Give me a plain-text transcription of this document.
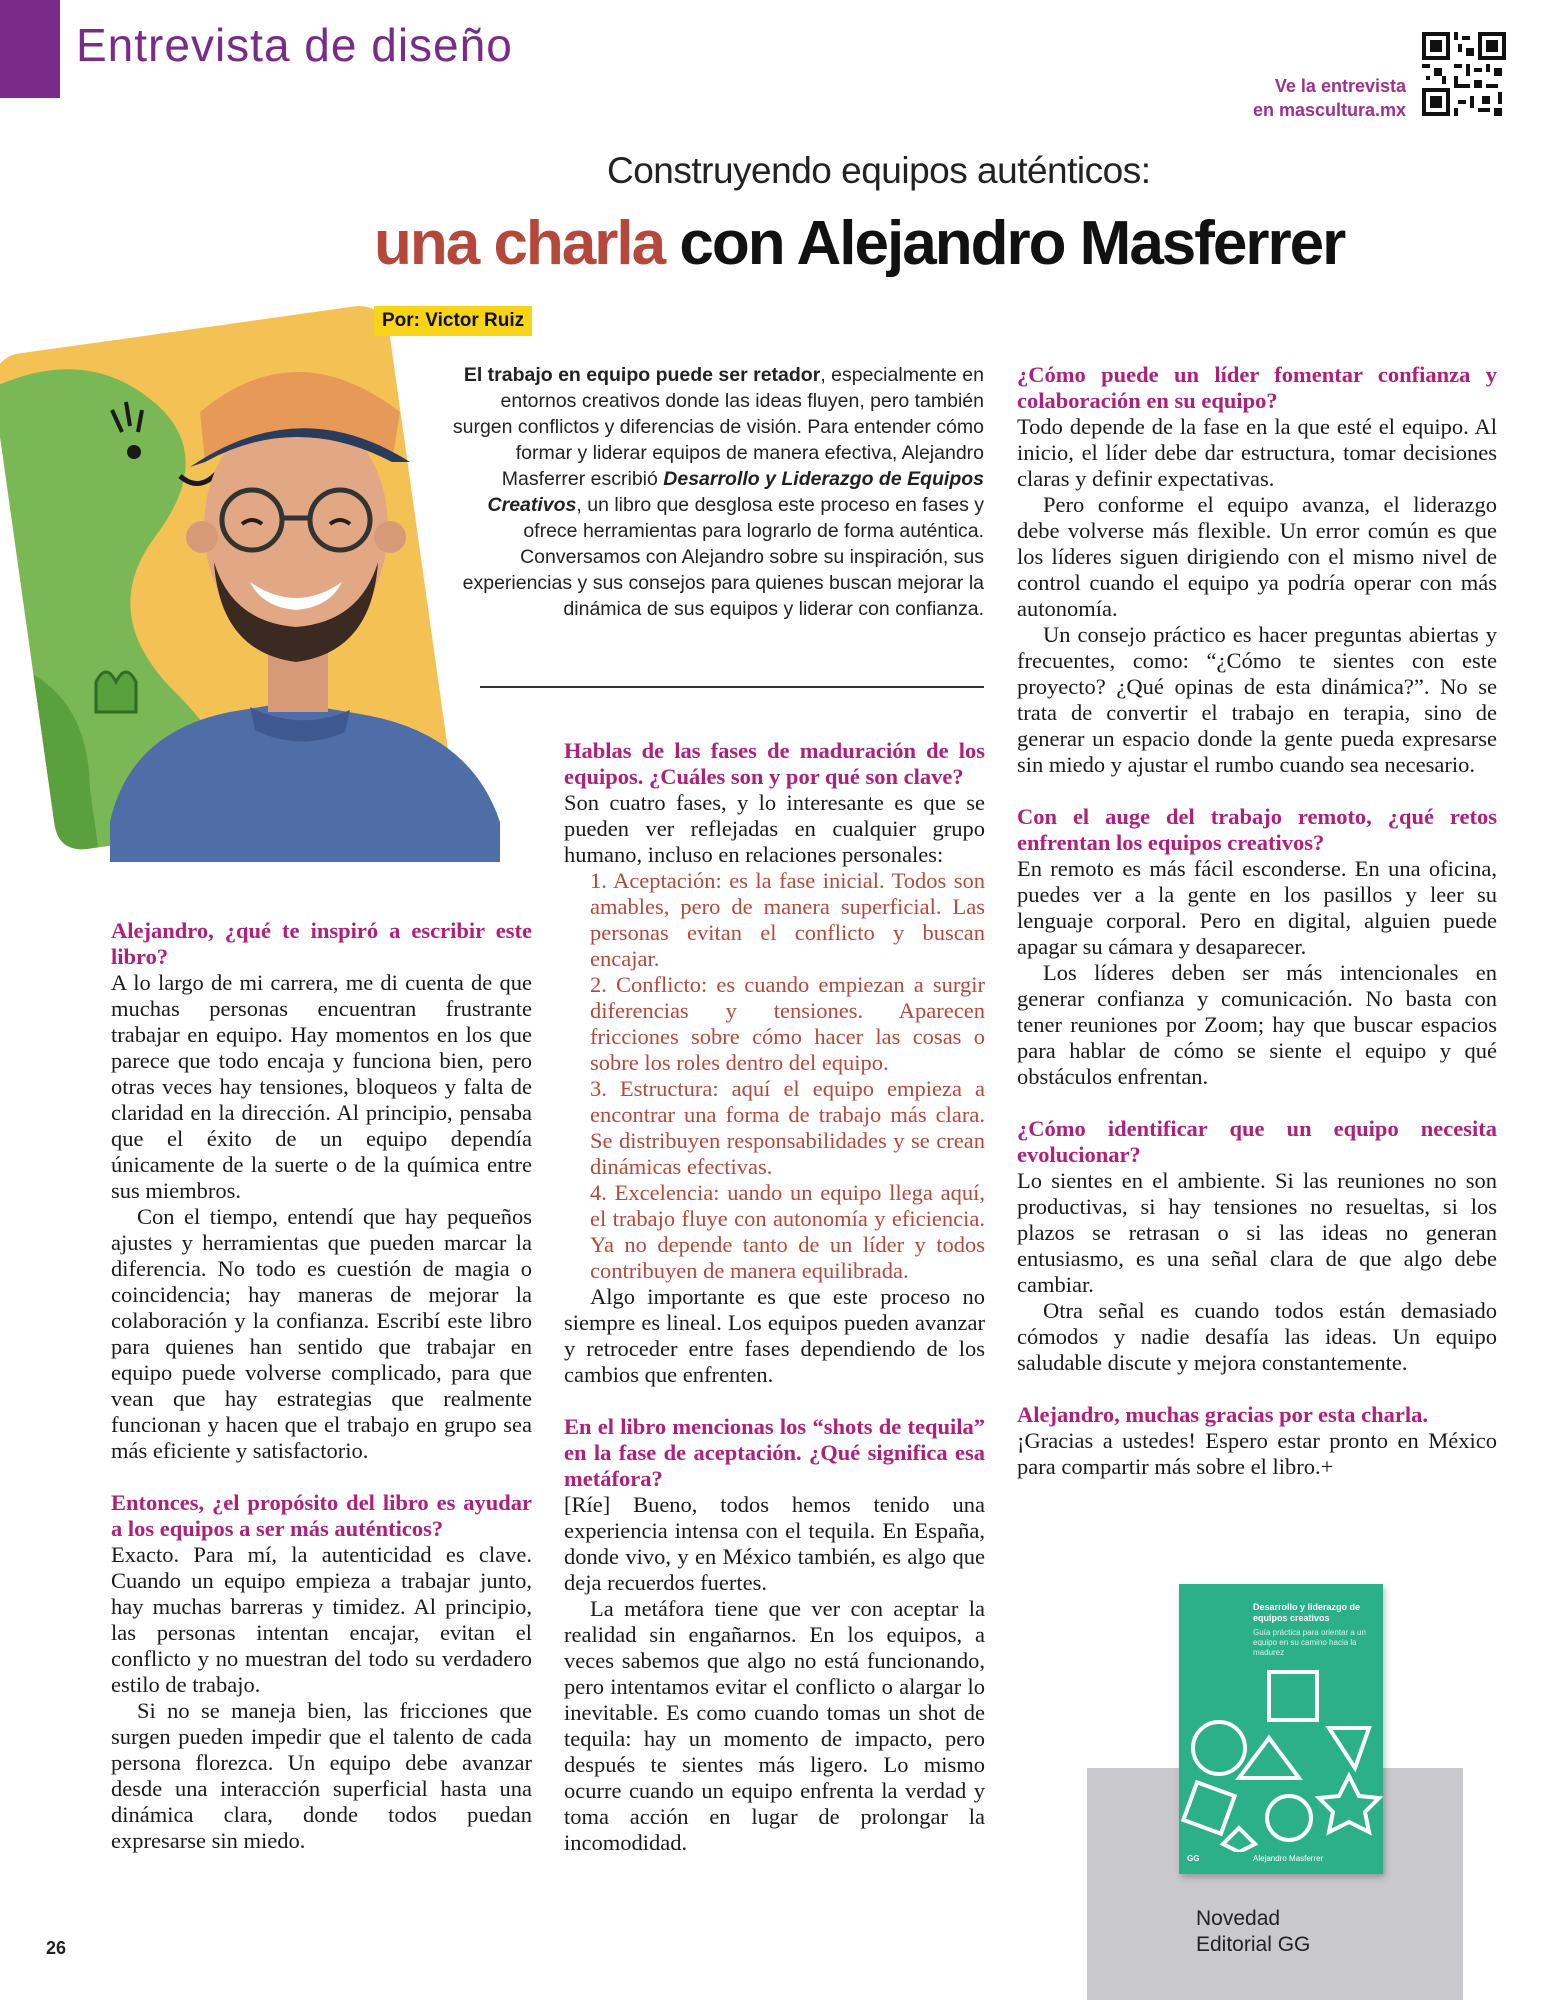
Entrevista de diseño
Ve la entrevista
en mascultura.mx
Construyendo equipos auténticos:
una charla con Alejandro Masferrer
Por: Victor Ruiz
El trabajo en equipo puede ser retador, especialmente en entornos creativos donde las ideas fluyen, pero también surgen conflictos y diferencias de visión. Para entender cómo formar y liderar equipos de manera efectiva, Alejandro Masferrer escribió Desarrollo y Liderazgo de Equipos Creativos, un libro que desglosa este proceso en fases y ofrece herramientas para lograrlo de forma auténtica. Conversamos con Alejandro sobre su inspiración, sus experiencias y sus consejos para quienes buscan mejorar la dinámica de sus equipos y liderar con confianza.

Alejandro, ¿qué te inspiró a escribir este libro?

A lo largo de mi carrera, me di cuenta de que muchas personas encuentran frustrante trabajar en equipo. Hay momentos en los que parece que todo encaja y funciona bien, pero otras veces hay tensiones, bloqueos y falta de claridad en la dirección. Al principio, pensaba que el éxito de un equipo dependía únicamente de la suerte o de la química entre sus miembros.

Con el tiempo, entendí que hay pequeños ajustes y herramientas que pueden marcar la diferencia. No todo es cuestión de magia o coincidencia; hay maneras de mejorar la colaboración y la confianza. Escribí este libro para quienes han sentido que trabajar en equipo puede volverse complicado, para que vean que hay estrategias que realmente funcionan y hacen que el trabajo en grupo sea más eficiente y satisfactorio.

Entonces, ¿el propósito del libro es ayudar a los equipos a ser más auténticos?

Exacto. Para mí, la autenticidad es clave. Cuando un equipo empieza a trabajar junto, hay muchas barreras y timidez. Al principio, las personas intentan encajar, evitan el conflicto y no muestran del todo su verdadero estilo de trabajo.

Si no se maneja bien, las fricciones que surgen pueden impedir que el talento de cada persona florezca. Un equipo debe avanzar desde una interacción superficial hasta una dinámica clara, donde todos puedan expresarse sin miedo.

Hablas de las fases de maduración de los equipos. ¿Cuáles son y por qué son clave?

Son cuatro fases, y lo interesante es que se pueden ver reflejadas en cualquier grupo humano, incluso en relaciones personales:

1. Aceptación: es la fase inicial. Todos son amables, pero de manera superficial. Las personas evitan el conflicto y buscan encajar.

2. Conflicto: es cuando empiezan a surgir diferencias y tensiones. Aparecen fricciones sobre cómo hacer las cosas o sobre los roles dentro del equipo.

3. Estructura: aquí el equipo empieza a encontrar una forma de trabajo más clara. Se distribuyen responsabilidades y se crean dinámicas efectivas.

4. Excelencia: uando un equipo llega aquí, el trabajo fluye con autonomía y eficiencia. Ya no depende tanto de un líder y todos contribuyen de manera equilibrada.

Algo importante es que este proceso no siempre es lineal. Los equipos pueden avanzar y retroceder entre fases dependiendo de los cambios que enfrenten.

En el libro mencionas los “shots de tequila” en la fase de aceptación. ¿Qué significa esa metáfora?

[Ríe] Bueno, todos hemos tenido una experiencia intensa con el tequila. En España, donde vivo, y en México también, es algo que deja recuerdos fuertes.

La metáfora tiene que ver con aceptar la realidad sin engañarnos. En los equipos, a veces sabemos que algo no está funcionando, pero intentamos evitar el conflicto o alargar lo inevitable. Es como cuando tomas un shot de tequila: hay un momento de impacto, pero después te sientes más ligero. Lo mismo ocurre cuando un equipo enfrenta la verdad y toma acción en lugar de prolongar la incomodidad.

¿Cómo puede un líder fomentar confianza y colaboración en su equipo?

Todo depende de la fase en la que esté el equipo. Al inicio, el líder debe dar estructura, tomar decisiones claras y definir expectativas.

Pero conforme el equipo avanza, el liderazgo debe volverse más flexible. Un error común es que los líderes siguen dirigiendo con el mismo nivel de control cuando el equipo ya podría operar con más autonomía.

Un consejo práctico es hacer preguntas abiertas y frecuentes, como: “¿Cómo te sientes con este proyecto? ¿Qué opinas de esta dinámica?”. No se trata de convertir el trabajo en terapia, sino de generar un espacio donde la gente pueda expresarse sin miedo y ajustar el rumbo cuando sea necesario.

Con el auge del trabajo remoto, ¿qué retos enfrentan los equipos creativos?

En remoto es más fácil esconderse. En una oficina, puedes ver a la gente en los pasillos y leer su lenguaje corporal. Pero en digital, alguien puede apagar su cámara y desaparecer.

Los líderes deben ser más intencionales en generar confianza y comunicación. No basta con tener reuniones por Zoom; hay que buscar espacios para hablar de cómo se siente el equipo y qué obstáculos enfrentan.

¿Cómo identificar que un equipo necesita evolucionar?

Lo sientes en el ambiente. Si las reuniones no son productivas, si hay tensiones no resueltas, si los plazos se retrasan o si las ideas no generan entusiasmo, es una señal clara de que algo debe cambiar.

Otra señal es cuando todos están demasiado cómodos y nadie desafía las ideas. Un equipo saludable discute y mejora constantemente.

Alejandro, muchas gracias por esta charla.

¡Gracias a ustedes! Espero estar pronto en México para compartir más sobre el libro.+

Desarrollo y liderazgo de equipos creativos
Guía práctica para orientar a un equipo en su camino hacia la madurez
GG	Alejandro Masferrer
Novedad
Editorial GG
26
